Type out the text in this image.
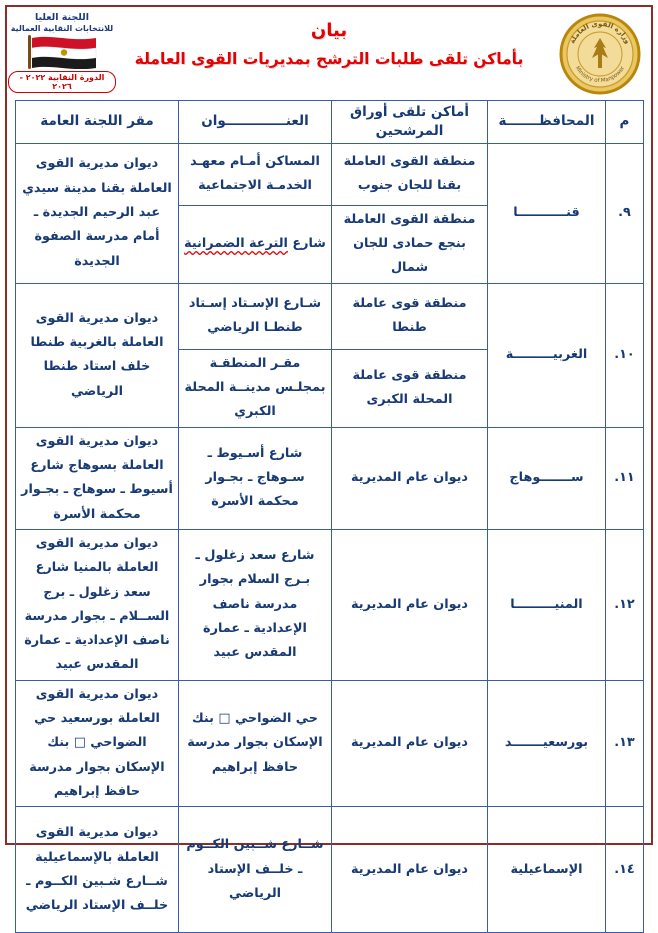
اللجنة العليا
للانتخابات النقابية العمالية
الدورة النقابية ٢٠٢٢ - ٢٠٢٦
بيان
بأماكن تلقى طلبات الترشح بمديريات القوى العاملة
وزارة القوى العاملة
Ministry of Manpower
م	المحافظـــــــة	أماكن تلقى أوراق المرشحين	العنـــــــــــــوان	مقر اللجنة العامة
٩.	قنـــــــــــا	منطقة القوى العاملة بقنا للجان جنوب	المساكن أمـام معهـد الخدمـة الاجتماعية	ديوان مديرية القوى العاملة بقنا مدينة سيدي عبد الرحيم الجديدة ـ أمام مدرسة الصفوة الجديدة
		منطقة القوى العاملة بنجع حمادى للجان شمال	شارع الترعة الضمرانية	
١٠.	الغربيـــــــــة	منطقة قوى عاملة طنطا	شـارع الإسـتاد إسـتاد طنطـا الرياضي	ديوان مديرية القوى العاملة بالغربية طنطا خلف استاد طنطا الرياضي
		منطقة قوى عاملة المحلة الكبرى	مقـر المنطقـة بمجلـس مدينــة المحلة الكبري	
١١.	ســـــــوهاج	ديوان عام المديرية	شارع أسـيوط ـ سـوهاج ـ بجـوار محكمة الأسرة	ديوان مديرية القوى العاملة بسوهاج شارع أسيوط ـ سوهاج ـ بجـوار محكمة الأسرة
١٢.	المنيـــــــــا	ديوان عام المديرية	شارع سعد زغلول ـ بـرج السلام بجوار مدرسة ناصف الإعدادية ـ عمارة المقدس عبيد	ديوان مديرية القوى العاملة بالمنيا شارع سعد زغلول ـ برج الســلام ـ بجوار مدرسة ناصف الإعدادية ـ عمارة المقدس عبيد
١٣.	بورسعيـــــــد	ديوان عام المديرية	حي الضواحي □ بنك الإسكان بجوار مدرسة حافظ إبراهيم	ديوان مديرية القوى العاملة بورسعيد حي الضواحي □ بنك الإسكان بجوار مدرسة حافظ إبراهيم
١٤.	الإسماعيلية	ديوان عام المديرية	شــارع شــبين الكــوم ـ خلــف الإستاد الرياضي	ديوان مديرية القوى العاملة بالإسماعيلية شــارع شـبين الكــوم ـ خلــف الإستاد الرياضي
